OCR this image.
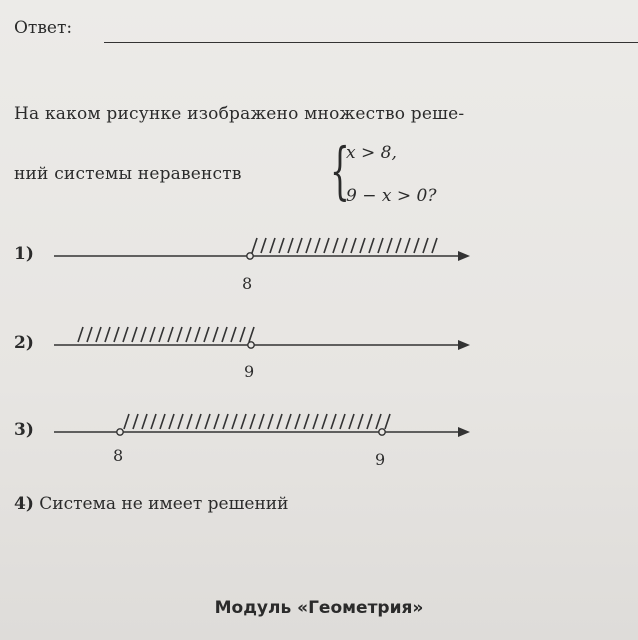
Ответ:
На каком рисунке изображено множество реше-
ний системы неравенств {
x > 8,
9 − x > 0?
1)
2)
3)
8
9
8	9
4) Система не имеет решений
Модуль «Геометрия»
